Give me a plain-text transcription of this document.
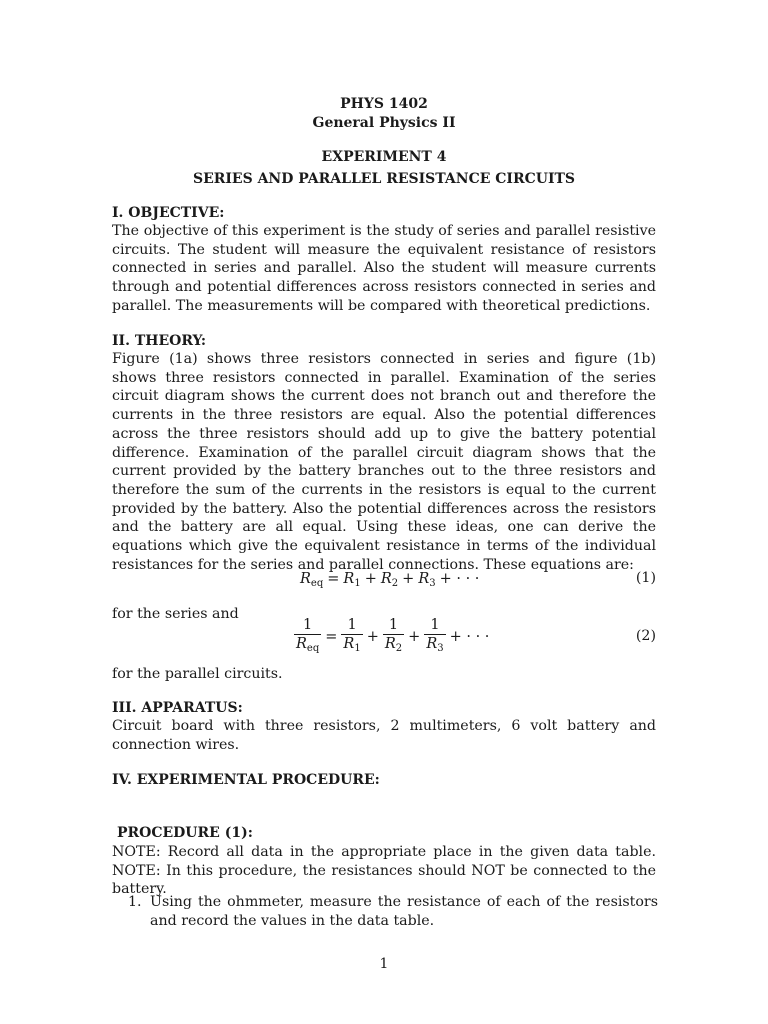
PHYS 1402
General Physics II
EXPERIMENT 4
SERIES AND PARALLEL RESISTANCE CIRCUITS
I. OBJECTIVE:

The objective of this experiment is the study of series and parallel resistive circuits. The student will measure the equivalent resistance of resistors connected in series and parallel. Also the student will measure currents through and potential differences across resistors connected in series and parallel. The measurements will be compared with theoretical predictions.

II. THEORY:

Figure (1a) shows three resistors connected in series and figure (1b) shows three resistors connected in parallel. Examination of the series circuit diagram shows the current does not branch out and therefore the currents in the three resistors are equal. Also the potential differences across the three resistors should add up to give the battery potential difference. Examination of the parallel circuit diagram shows that the current provided by the battery branches out to the three resistors and therefore the sum of the currents in the resistors is equal to the current provided by the battery. Also the potential differences across the resistors and the battery are all equal. Using these ideas, one can derive the equations which give the equivalent resistance in terms of the individual resistances for the series and parallel connections. These equations are:

$R_{eq} = R_1 + R_2 + R_3$ + · · ·	(1)
for the series and
$\frac{1}{R_{eq}} = \frac{1}{R_1} + \frac{1}{R_2} + \frac{1}{R_3}$ + · · ·	(2)
for the parallel circuits.
III. APPARATUS:

Circuit board with three resistors, 2 multimeters, 6 volt battery and connection wires.

IV. EXPERIMENTAL PROCEDURE:
PROCEDURE (1):

NOTE: Record all data in the appropriate place in the given data table. NOTE: In this procedure, the resistances should NOT be connected to the battery.

1. Using the ohmmeter, measure the resistance of each of the resistors and record the values in the data table.
1
